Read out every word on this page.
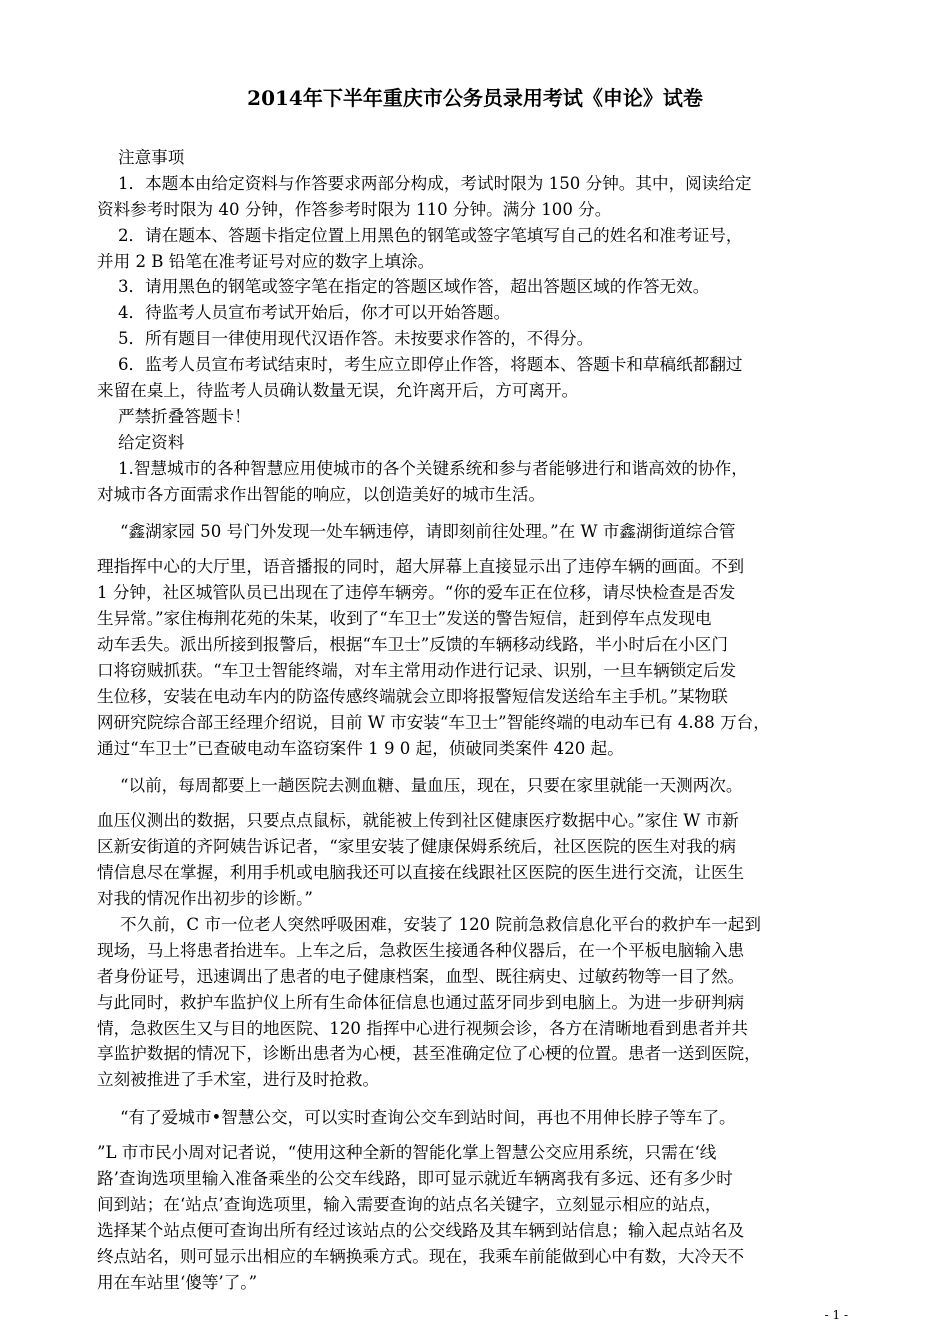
2014年下半年重庆市公务员录用考试《申论》试卷
注意事项
1．本题本由给定资料与作答要求两部分构成，考试时限为 150 分钟。其中，阅读给定
资料参考时限为 40 分钟，作答参考时限为 110 分钟。满分 100 分。
2．请在题本、答题卡指定位置上用黑色的钢笔或签字笔填写自己的姓名和准考证号，
并用 2 B 铅笔在准考证号对应的数字上填涂。
3．请用黑色的钢笔或签字笔在指定的答题区域作答，超出答题区域的作答无效。
4．待监考人员宣布考试开始后，你才可以开始答题。
5．所有题目一律使用现代汉语作答。未按要求作答的，不得分。
6．监考人员宣布考试结束时，考生应立即停止作答，将题本、答题卡和草稿纸都翻过
来留在桌上，待监考人员确认数量无误，允许离开后，方可离开。
严禁折叠答题卡！
给定资料
1.智慧城市的各种智慧应用使城市的各个关键系统和参与者能够进行和谐高效的协作，
对城市各方面需求作出智能的响应，以创造美好的城市生活。
“鑫湖家园 50 号门外发现一处车辆违停，请即刻前往处理。”在 W 市鑫湖街道综合管
理指挥中心的大厅里，语音播报的同时，超大屏幕上直接显示出了违停车辆的画面。不到
1 分钟，社区城管队员已出现在了违停车辆旁。“你的爱车正在位移，请尽快检查是否发
生异常。”家住梅荆花苑的朱某，收到了“车卫士”发送的警告短信，赶到停车点发现电
动车丢失。派出所接到报警后，根据“车卫士”反馈的车辆移动线路，半小时后在小区门
口将窃贼抓获。“车卫士智能终端，对车主常用动作进行记录、识别，一旦车辆锁定后发
生位移，安装在电动车内的防盗传感终端就会立即将报警短信发送给车主手机。”某物联
网研究院综合部王经理介绍说，目前 W 市安装“车卫士”智能终端的电动车已有 4.88 万台，
通过“车卫士”已查破电动车盗窃案件 1 9 0 起，侦破同类案件 420 起。
“以前，每周都要上一趟医院去测血糖、量血压，现在，只要在家里就能一天测两次。
血压仪测出的数据，只要点点鼠标，就能被上传到社区健康医疗数据中心。”家住 W 市新
区新安街道的齐阿姨告诉记者，“家里安装了健康保姆系统后，社区医院的医生对我的病
情信息尽在掌握，利用手机或电脑我还可以直接在线跟社区医院的医生进行交流，让医生
对我的情况作出初步的诊断。”
不久前，C 市一位老人突然呼吸困难，安装了 120 院前急救信息化平台的救护车一起到
现场，马上将患者抬进车。上车之后，急救医生接通各种仪器后，在一个平板电脑输入患
者身份证号，迅速调出了患者的电子健康档案，血型、既往病史、过敏药物等一目了然。
与此同时，救护车监护仪上所有生命体征信息也通过蓝牙同步到电脑上。为进一步研判病
情，急救医生又与目的地医院、120 指挥中心进行视频会诊，各方在清晰地看到患者并共
享监护数据的情况下，诊断出患者为心梗，甚至准确定位了心梗的位置。患者一送到医院，
立刻被推进了手术室，进行及时抢救。
“有了爱城市•智慧公交，可以实时查询公交车到站时间，再也不用伸长脖子等车了。
”L 市市民小周对记者说，“使用这种全新的智能化掌上智慧公交应用系统，只需在‘线
路’查询选项里输入准备乘坐的公交车线路，即可显示就近车辆离我有多远、还有多少时
间到站；在‘站点’查询选项里，输入需要查询的站点名关键字，立刻显示相应的站点，
选择某个站点便可查询出所有经过该站点的公交线路及其车辆到站信息；输入起点站名及
终点站名，则可显示出相应的车辆换乘方式。现在，我乘车前能做到心中有数，大冷天不
用在车站里‘傻等’了。”
- 1 -
